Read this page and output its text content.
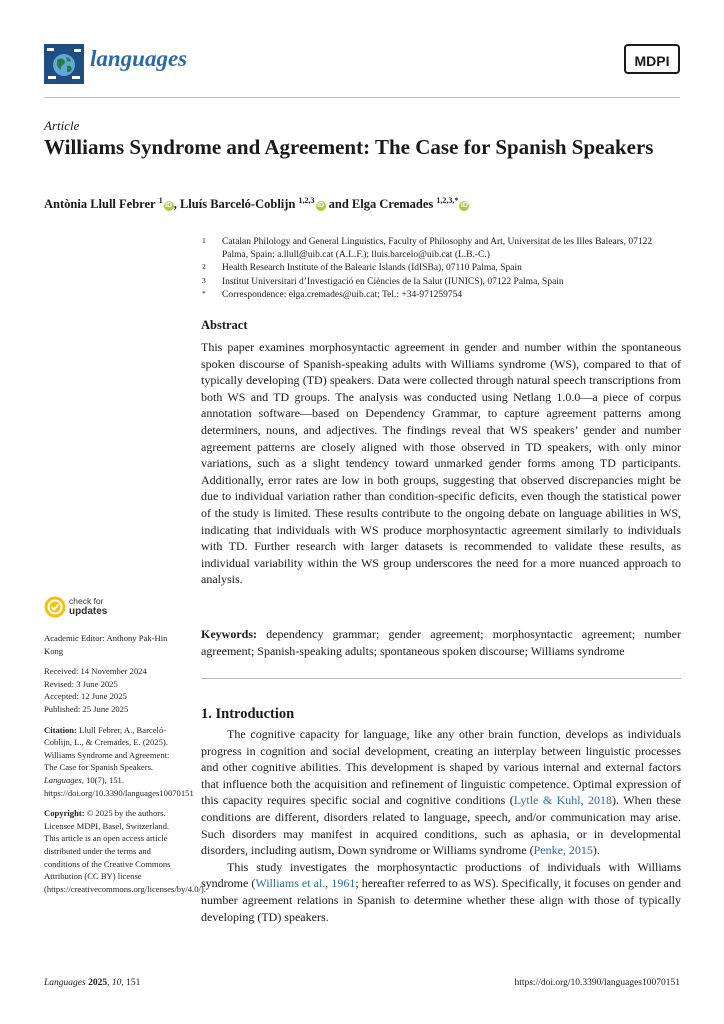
languages	MDPI
Article
Williams Syndrome and Agreement: The Case for Spanish Speakers
Antònia Llull Febrer $^1$iD , Lluís Barceló-Coblijn $^{1,2,3}$iD and Elga Cremades $^{1,2,3,*}$iD
1 Catalan Philology and General Linguistics, Faculty of Philosophy and Art, Universitat de les Illes Balears, 07122 Palma, Spain; a.llull@uib.cat (A.L.F.); lluis.barcelo@uib.cat (L.B.-C.)
2 Health Research Institute of the Balearic Islands (IdISBa), 07110 Palma, Spain
3 Institut Universitari d’Investigació en Ciències de la Salut (IUNICS), 07122 Palma, Spain
* Correspondence: elga.cremades@uib.cat; Tel.: +34-971259754
Abstract
This paper examines morphosyntactic agreement in gender and number within the spontaneous spoken discourse of Spanish-speaking adults with Williams syndrome (WS), compared to that of typically developing (TD) speakers. Data were collected through natural speech transcriptions from both WS and TD groups. The analysis was conducted using Netlang 1.0.0—a piece of corpus annotation software—based on Dependency Grammar, to capture agreement patterns among determiners, nouns, and adjectives. The findings reveal that WS speakers’ gender and number agreement patterns are closely aligned with those observed in TD speakers, with only minor variations, such as a slight tendency toward unmarked gender forms among TD participants. Additionally, error rates are low in both groups, suggesting that observed discrepancies might be due to individual variation rather than condition-specific deficits, even though the statistical power of the study is limited. These results contribute to the ongoing debate on language abilities in WS, indicating that individuals with WS produce morphosyntactic agreement similarly to individuals with TD. Further research with larger datasets is recommended to validate these results, as individual variability within the WS group underscores the need for a more nuanced approach to analysis.
Keywords: dependency grammar; gender agreement; morphosyntactic agreement; number agreement; Spanish-speaking adults; spontaneous spoken discourse; Williams syndrome
1. Introduction

The cognitive capacity for language, like any other brain function, develops as individuals progress in cognition and social development, creating an interplay between linguistic processes and other cognitive abilities. This development is shaped by various internal and external factors that influence both the acquisition and refinement of linguistic competence. Optimal expression of this capacity requires specific social and cognitive conditions (Lytle & Kuhl, 2018). When these conditions are different, disorders related to language, speech, and/or communication may arise. Such disorders may manifest in acquired conditions, such as aphasia, or in developmental disorders, including autism, Down syndrome or Williams syndrome (Penke, 2015).

This study investigates the morphosyntactic productions of individuals with Williams syndrome (Williams et al., 1961; hereafter referred to as WS). Specifically, it focuses on gender and number agreement relations in Spanish to determine whether these align with those of typically developing (TD) speakers.

check for
updates
Academic Editor: Anthony Pak-Hin Kong
Received: 14 November 2024
Revised: 3 June 2025
Accepted: 12 June 2025
Published: 25 June 2025
Citation: Llull Febrer, A., Barceló-Coblijn, L., & Cremades, E. (2025). Williams Syndrome and Agreement: The Case for Spanish Speakers. Languages, 10(7), 151. https://doi.org/10.3390/languages10070151
Copyright: © 2025 by the authors. Licensee MDPI, Basel, Switzerland. This article is an open access article distributed under the terms and conditions of the Creative Commons Attribution (CC BY) license (https://creativecommons.org/licenses/by/4.0/).
Languages 2025, 10, 151	https://doi.org/10.3390/languages10070151
